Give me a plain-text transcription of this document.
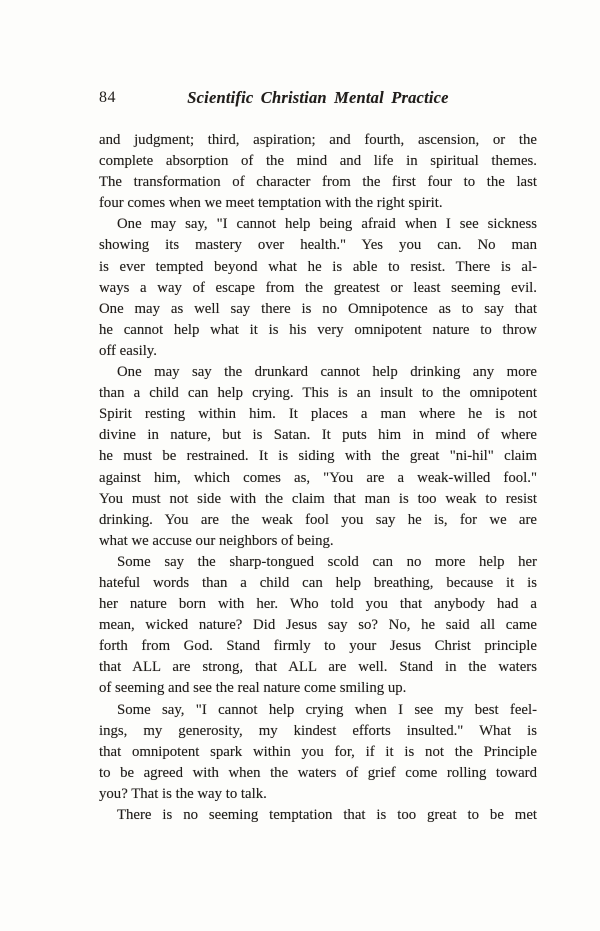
84	Scientific Christian Mental Practice
and judgment; third, aspiration; and fourth, ascension, or the
complete absorption of the mind and life in spiritual themes.
The transformation of character from the first four to the last
four comes when we meet temptation with the right spirit.
One may say, "I cannot help being afraid when I see sickness
showing its mastery over health." Yes you can. No man
is ever tempted beyond what he is able to resist. There is al-
ways a way of escape from the greatest or least seeming evil.
One may as well say there is no Omnipotence as to say that
he cannot help what it is his very omnipotent nature to throw
off easily.
One may say the drunkard cannot help drinking any more
than a child can help crying. This is an insult to the omnipotent
Spirit resting within him. It places a man where he is not
divine in nature, but is Satan. It puts him in mind of where
he must be restrained. It is siding with the great "ni-hil" claim
against him, which comes as, "You are a weak-willed fool."
You must not side with the claim that man is too weak to resist
drinking. You are the weak fool you say he is, for we are
what we accuse our neighbors of being.
Some say the sharp-tongued scold can no more help her
hateful words than a child can help breathing, because it is
her nature born with her. Who told you that anybody had a
mean, wicked nature? Did Jesus say so? No, he said all came
forth from God. Stand firmly to your Jesus Christ principle
that ALL are strong, that ALL are well. Stand in the waters
of seeming and see the real nature come smiling up.
Some say, "I cannot help crying when I see my best feel-
ings, my generosity, my kindest efforts insulted." What is
that omnipotent spark within you for, if it is not the Principle
to be agreed with when the waters of grief come rolling toward
you? That is the way to talk.
There is no seeming temptation that is too great to be met
